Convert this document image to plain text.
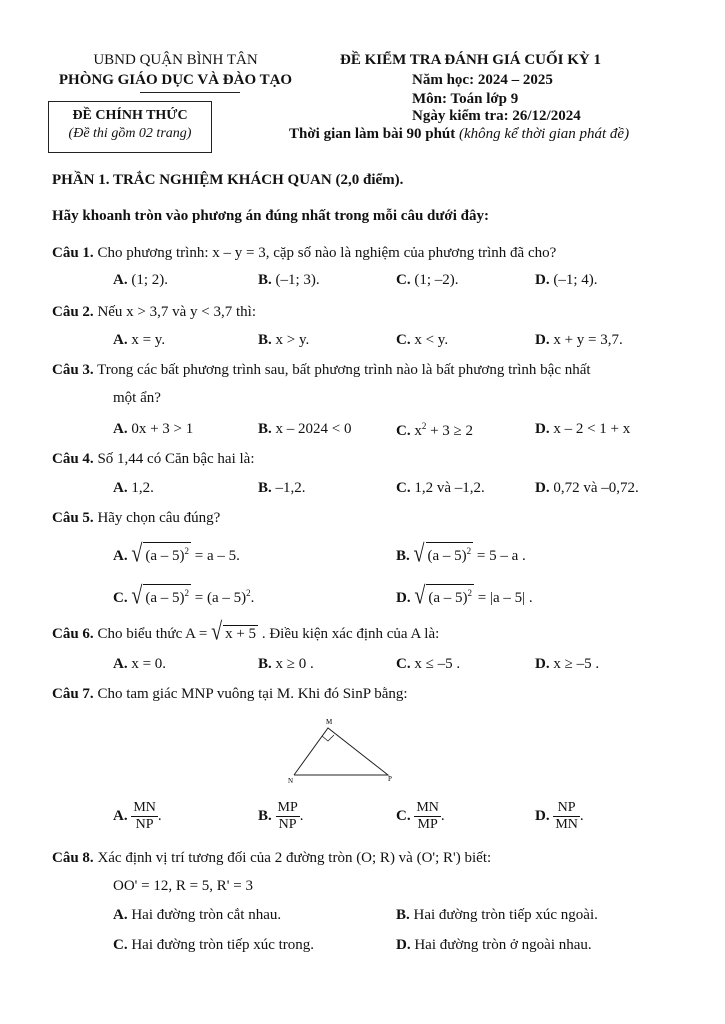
UBND QUẬN BÌNH TÂN
PHÒNG GIÁO DỤC VÀ ĐÀO TẠO
ĐỀ CHÍNH THỨC
(Đề thi gồm 02 trang)
ĐỀ KIỂM TRA ĐÁNH GIÁ CUỐI KỲ 1
Năm học: 2024 – 2025
Môn: Toán lớp 9
Ngày kiểm tra: 26/12/2024
Thời gian làm bài 90 phút (không kể thời gian phát đề)
PHẦN 1. TRẮC NGHIỆM KHÁCH QUAN (2,0 điểm).
Hãy khoanh tròn vào phương án đúng nhất trong mỗi câu dưới đây:
Câu 1. Cho phương trình: x – y = 3, cặp số nào là nghiệm của phương trình đã cho?
A. (1; 2).	B. (–1; 3).	C. (1; –2).	D. (–1; 4).
Câu 2. Nếu x > 3,7 và y < 3,7 thì:
A. x = y.	B. x > y.	C. x < y.	D. x + y = 3,7.
Câu 3. Trong các bất phương trình sau, bất phương trình nào là bất phương trình bậc nhất
một ẩn?
A. 0x + 3 > 1	B. x – 2024 < 0	C. $x^2 + 3 \ge 2$	D. x – 2 < 1 + x
Câu 4. Số 1,44 có Căn bậc hai là:
A. 1,2.	B. –1,2.	C. 1,2 và –1,2.	D. 0,72 và –0,72.
Câu 5. Hãy chọn câu đúng?
A. √ (a – 5)$^2$ = a – 5.	B. √ (a – 5)$^2$ = 5 – a .
C. √ (a – 5)$^2$ = (a – 5)$^2$.	D. √ (a – 5)$^2$ = |a – 5| .
Câu 6. Cho biểu thức A = √ x + 5 . Điều kiện xác định của A là:
A. x = 0.	B. x ≥ 0 .	C. x ≤ –5 .	D. x ≥ –5 .
Câu 7. Cho tam giác MNP vuông tại M. Khi đó SinP bằng:
M
N	P
A. $\frac{MN}{NP}$ .	B. $\frac{MP}{NP}$ .	C. $\frac{MN}{MP}$ .	D. $\frac{NP}{MN}$ .
Câu 8. Xác định vị trí tương đối của 2 đường tròn (O; R) và (O'; R') biết:
OO' = 12, R = 5, R' = 3
A. Hai đường tròn cắt nhau.	B. Hai đường tròn tiếp xúc ngoài.
C. Hai đường tròn tiếp xúc trong.	D. Hai đường tròn ở ngoài nhau.
